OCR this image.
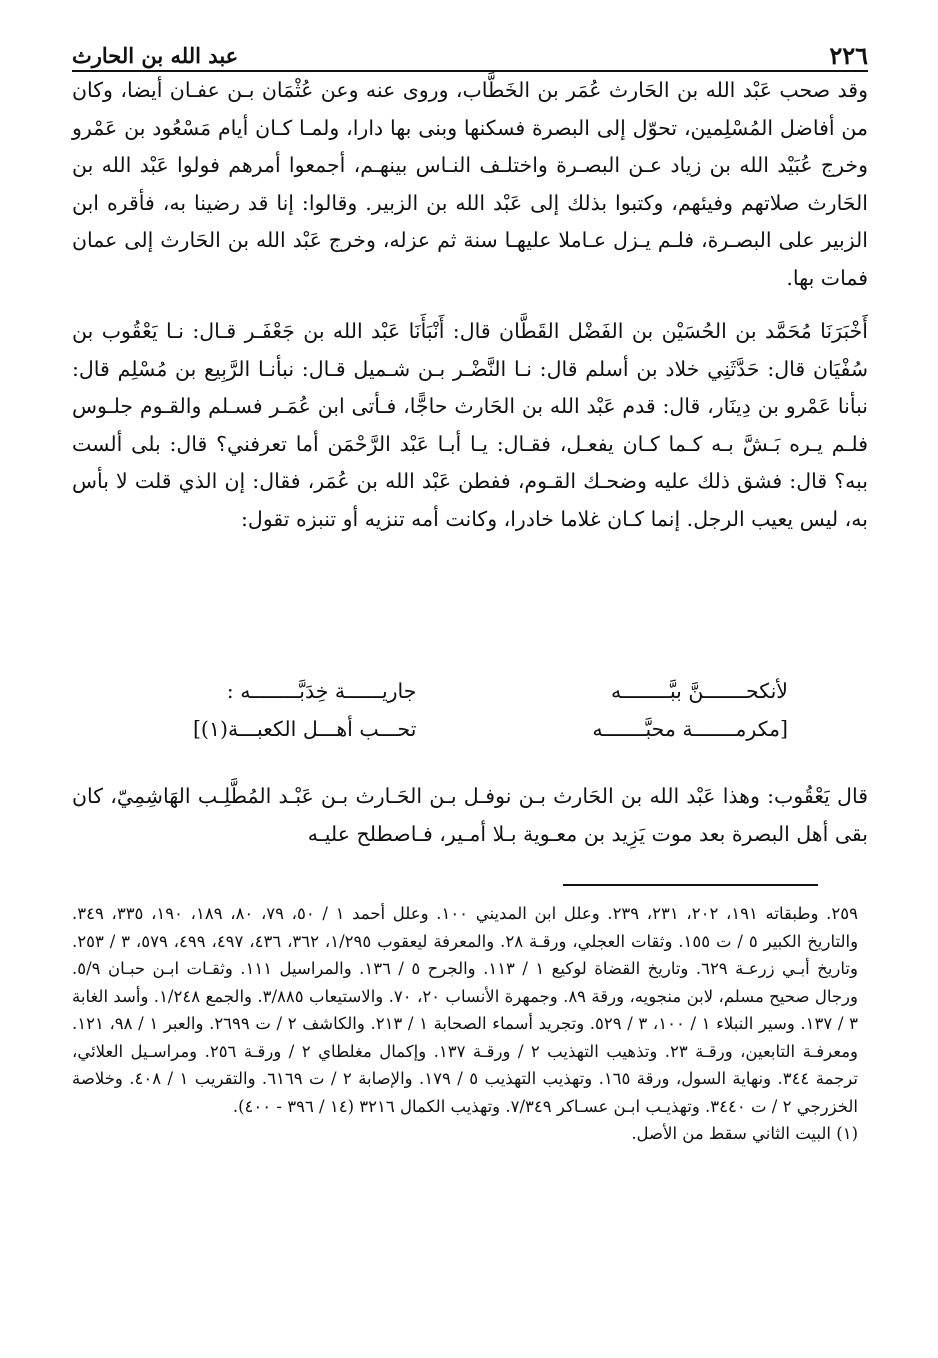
٢٢٦
عبد الله بن الحارث

وقد صحب عَبْد الله بن الحَارث عُمَر بن الخَطَّاب، وروى عنه وعن عُثْمَان بـن عفـان أيضا، وكان من أفاضل المُسْلِمين، تحوّل إلى البصرة فسكنها وبنى بها دارا، ولمـا كـان أيام مَسْعُود بن عَمْرو وخرج عُبَيْد الله بن زياد عـن البصـرة واختلـف النـاس بينهـم، أجمعوا أمرهم فولوا عَبْد الله بن الحَارث صلاتهم وفيئهم، وكتبوا بذلك إلى عَبْد الله بن الزبير. وقالوا: إنا قد رضينا به، فأقره ابن الزبير على البصـرة، فلـم يـزل عـاملا عليهـا سنة ثم عزله، وخرج عَبْد الله بن الحَارث إلى عمان فمات بها.

أَخْبَرَنَا مُحَمَّد بن الحُسَيْن بن الفَضْل القَطَّان قال: أَنْبَأَنَا عَبْد الله بن جَعْفَـر قـال: نـا يَعْقُوب بن سُفْيَان قال: حَدَّثَنِي خلاد بن أسلم قال: نـا النَّضْـر بـن شـميل قـال: نبأنـا الرَّبِيع بن مُسْلِم قال: نبأنا عَمْرو بن دِينَار، قال: قدم عَبْد الله بن الحَارث حاجًّا، فـأتى ابن عُمَـر فسـلم والقـوم جلـوس فلـم يـره بَـشَّ بـه كـما كـان يفعـل، فقـال: يـا أبـا عَبْد الرَّحْمَن أما تعرفني؟ قال: بلى ألست ببه؟ قال: فشق ذلك عليه وضحـك القـوم، ففطن عَبْد الله بن عُمَر، فقال: إن الذي قلت لا بأس به، ليس يعيب الرجل. إنما كـان غلاما خادرا، وكانت أمه تنزيه أو تنبزه تقول:

لأنكحـــــــنَّ ببَّــــــــه
جاريــــــة خِدَبَّــــــــه :
[مكرمـــــــة محبَّـــــــه
تحـــب أهـــل الكعبـــة(١)]
قال يَعْقُوب: وهذا عَبْد الله بن الحَارث بـن نوفـل بـن الحَـارث بـن عَبْـد المُطَّلِـب الهَاشِمِيّ، كان بقى أهل البصرة بعد موت يَزِيد بن معـوية بـلا أمـير، فـاصطلح عليـه

٢٥٩. وطبقاته ١٩١، ٢٠٢، ٢٣١، ٢٣٩. وعلل ابن المديني ١٠٠. وعلل أحمد ١ / ٥٠، ٧٩، ٨٠، ١٨٩، ١٩٠، ٣٣٥، ٣٤٩. والتاريخ الكبير ٥ / ت ١٥٥. وثقات العجلي، ورقـة ٢٨. والمعرفة ليعقوب ١/٢٩٥، ٣٦٢، ٤٣٦، ٤٩٧، ٤٩٩، ٥٧٩، ٣ / ٢٥٣. وتاريخ أبـي زرعـة ٦٢٩. وتاريخ القضاة لوكيع ١ / ١١٣. والجرح ٥ / ١٣٦. والمراسيل ١١١. وثقـات ابـن حبـان ٥/٩. ورجال صحيح مسلم، لابن منجويه، ورقة ٨٩. وجمهرة الأنساب ٢٠، ٧٠. والاستيعاب ٣/٨٨٥. والجمع ١/٢٤٨. وأسد الغابة ٣ / ١٣٧. وسير النبلاء ١ / ١٠٠، ٣ / ٥٢٩. وتجريد أسماء الصحابة ١ / ٢١٣. والكاشف ٢ / ت ٢٦٩٩. والعبر ١ / ٩٨، ١٢١. ومعرفـة التابعين، ورقـة ٢٣. وتذهيب التهذيب ٢ / ورقـة ١٣٧. وإكمال مغلطاي ٢ / ورقـة ٢٥٦. ومراسـيل العلائي، ترجمة ٣٤٤. ونهاية السول، ورقة ١٦٥. وتهذيب التهذيب ٥ / ١٧٩. والإصابة ٢ / ت ٦١٦٩. والتقريب ١ / ٤٠٨. وخلاصة الخزرجي ٢ / ت ٣٤٤٠. وتهذيـب ابـن عسـاكر ٧/٣٤٩. وتهذيب الكمال ٣٢١٦ (١٤ / ٣٩٦ - ٤٠٠).

(١) البيت الثاني سقط من الأصل.
